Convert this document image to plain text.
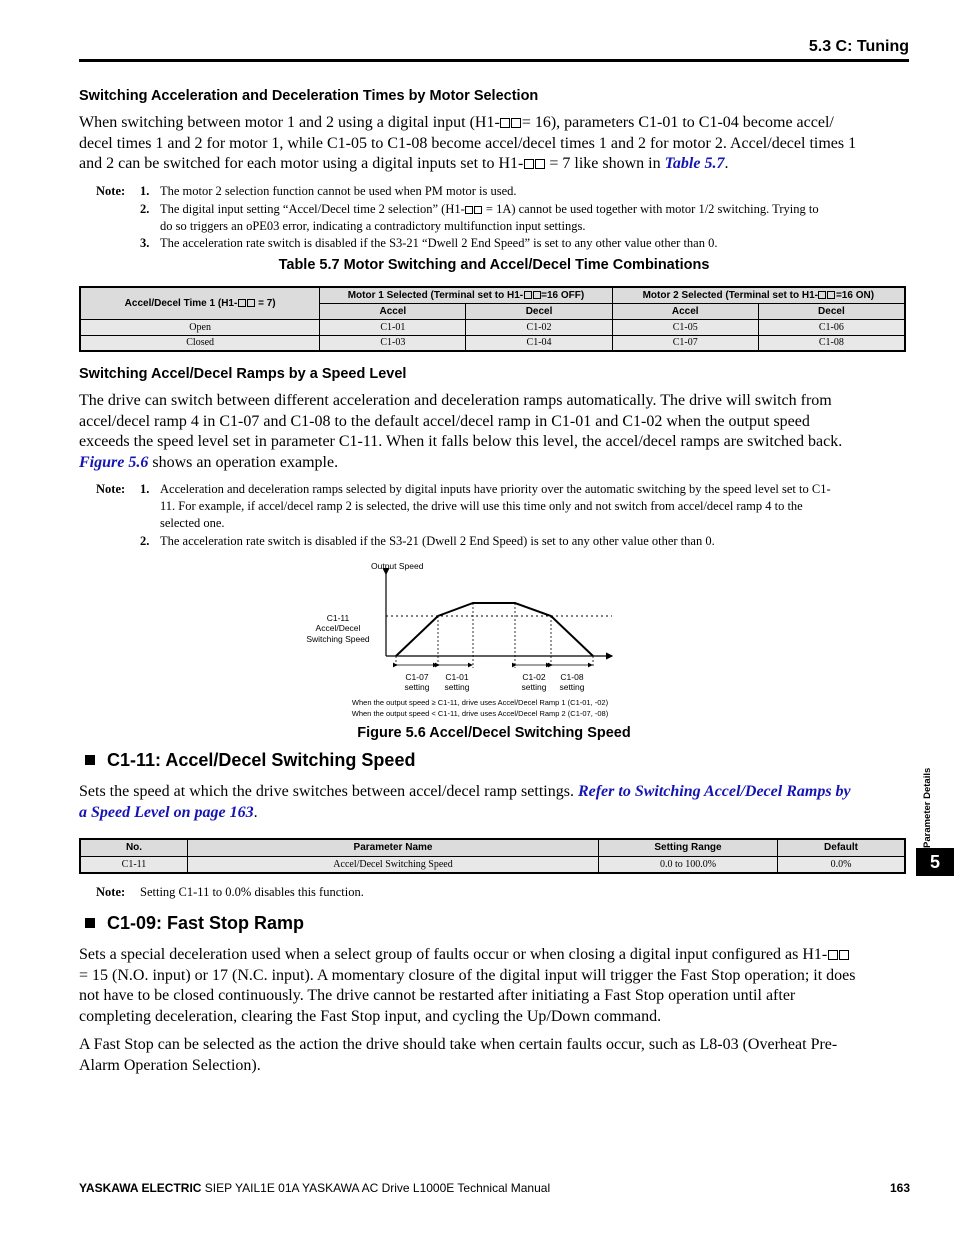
5.3 C: Tuning
Switching Acceleration and Deceleration Times by Motor Selection
When switching between motor 1 and 2 using a digital input (H1- = 16), parameters C1-01 to C1-04 become accel/
decel times 1 and 2 for motor 1, while C1-05 to C1-08 become accel/decel times 1 and 2 for motor 2. Accel/decel times 1
and 2 can be switched for each motor using a digital inputs set to H1- = 7 like shown in Table 5.7.
Note: 1. The motor 2 selection function cannot be used when PM motor is used.
2. The digital input setting “Accel/Decel time 2 selection” (H1- = 1A) cannot be used together with motor 1/2 switching. Trying to
do so triggers an oPE03 error, indicating a contradictory multifunction input settings.
3. The acceleration rate switch is disabled if the S3-21 “Dwell 2 End Speed” is set to any other value other than 0.
Table 5.7 Motor Switching and Accel/Decel Time Combinations
Accel/Decel Time 1 (H1- = 7)	Motor 1 Selected (Terminal set to H1- =16 OFF)		Motor 2 Selected (Terminal set to H1- =16 ON)	
	Accel	Decel	Accel	Decel
Open	C1-01	C1-02	C1-05	C1-06
Closed	C1-03	C1-04	C1-07	C1-08
Switching Accel/Decel Ramps by a Speed Level
The drive can switch between different acceleration and deceleration ramps automatically. The drive will switch from
accel/decel ramp 4 in C1-07 and C1-08 to the default accel/decel ramp in C1-01 and C1-02 when the output speed
exceeds the speed level set in parameter C1-11. When it falls below this level, the accel/decel ramps are switched back.
Figure 5.6 shows an operation example.
Note: 1. Acceleration and deceleration ramps selected by digital inputs have priority over the automatic switching by the speed level set to C1-
11. For example, if accel/decel ramp 2 is selected, the drive will use this time only and not switch from accel/decel ramp 4 to the
selected one.
2. The acceleration rate switch is disabled if the S3-21 (Dwell 2 End Speed) is set to any other value other than 0.
Output Speed
C1-11
Accel/Decel
Switching Speed
C1-07
setting
C1-01
setting
C1-02
setting
C1-08
setting
When the output speed ≥ C1-11, drive uses Accel/Decel Ramp 1 (C1-01, -02)
When the output speed < C1-11, drive uses Accel/Decel Ramp 2 (C1-07, -08)
Figure 5.6 Accel/Decel Switching Speed
C1-11: Accel/Decel Switching Speed
Sets the speed at which the drive switches between accel/decel ramp settings. Refer to Switching Accel/Decel Ramps by
a Speed Level on page 163.
No.	Parameter Name	Setting Range	Default
C1-11	Accel/Decel Switching Speed	0.0 to 100.0%	0.0%
Note: Setting C1-11 to 0.0% disables this function.
C1-09: Fast Stop Ramp
Sets a special deceleration used when a select group of faults occur or when closing a digital input configured as H1-
= 15 (N.O. input) or 17 (N.C. input). A momentary closure of the digital input will trigger the Fast Stop operation; it does
not have to be closed continuously. The drive cannot be restarted after initiating a Fast Stop operation until after
completing deceleration, clearing the Fast Stop input, and cycling the Up/Down command.
A Fast Stop can be selected as the action the drive should take when certain faults occur, such as L8-03 (Overheat Pre-
Alarm Operation Selection).
Parameter Details
5
YASKAWA ELECTRIC SIEP YAIL1E 01A YASKAWA AC Drive L1000E Technical Manual	163
